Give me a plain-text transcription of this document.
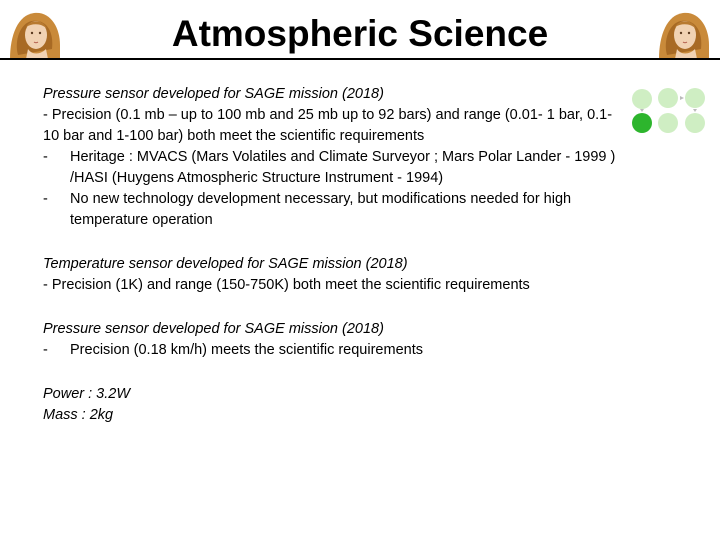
Atmospheric Science

Pressure sensor developed for SAGE mission (2018)

- Precision (0.1 mb – up to 100 mb and 25 mb up to 92 bars) and range (0.01- 1 bar, 0.1-10 bar and 1-100 bar) both meet the scientific requirements

-	Heritage : MVACS (Mars Volatiles and Climate Surveyor ; Mars Polar Lander - 1999 ) /HASI (Huygens Atmospheric Structure Instrument - 1994)
-	No new technology development necessary, but modifications needed for high temperature operation

Temperature sensor developed for SAGE mission (2018)

- Precision (1K) and range (150-750K) both meet the scientific requirements

Pressure sensor developed for SAGE mission (2018)

-	Precision (0.18 km/h) meets the scientific requirements

Power : 3.2W

Mass : 2kg
